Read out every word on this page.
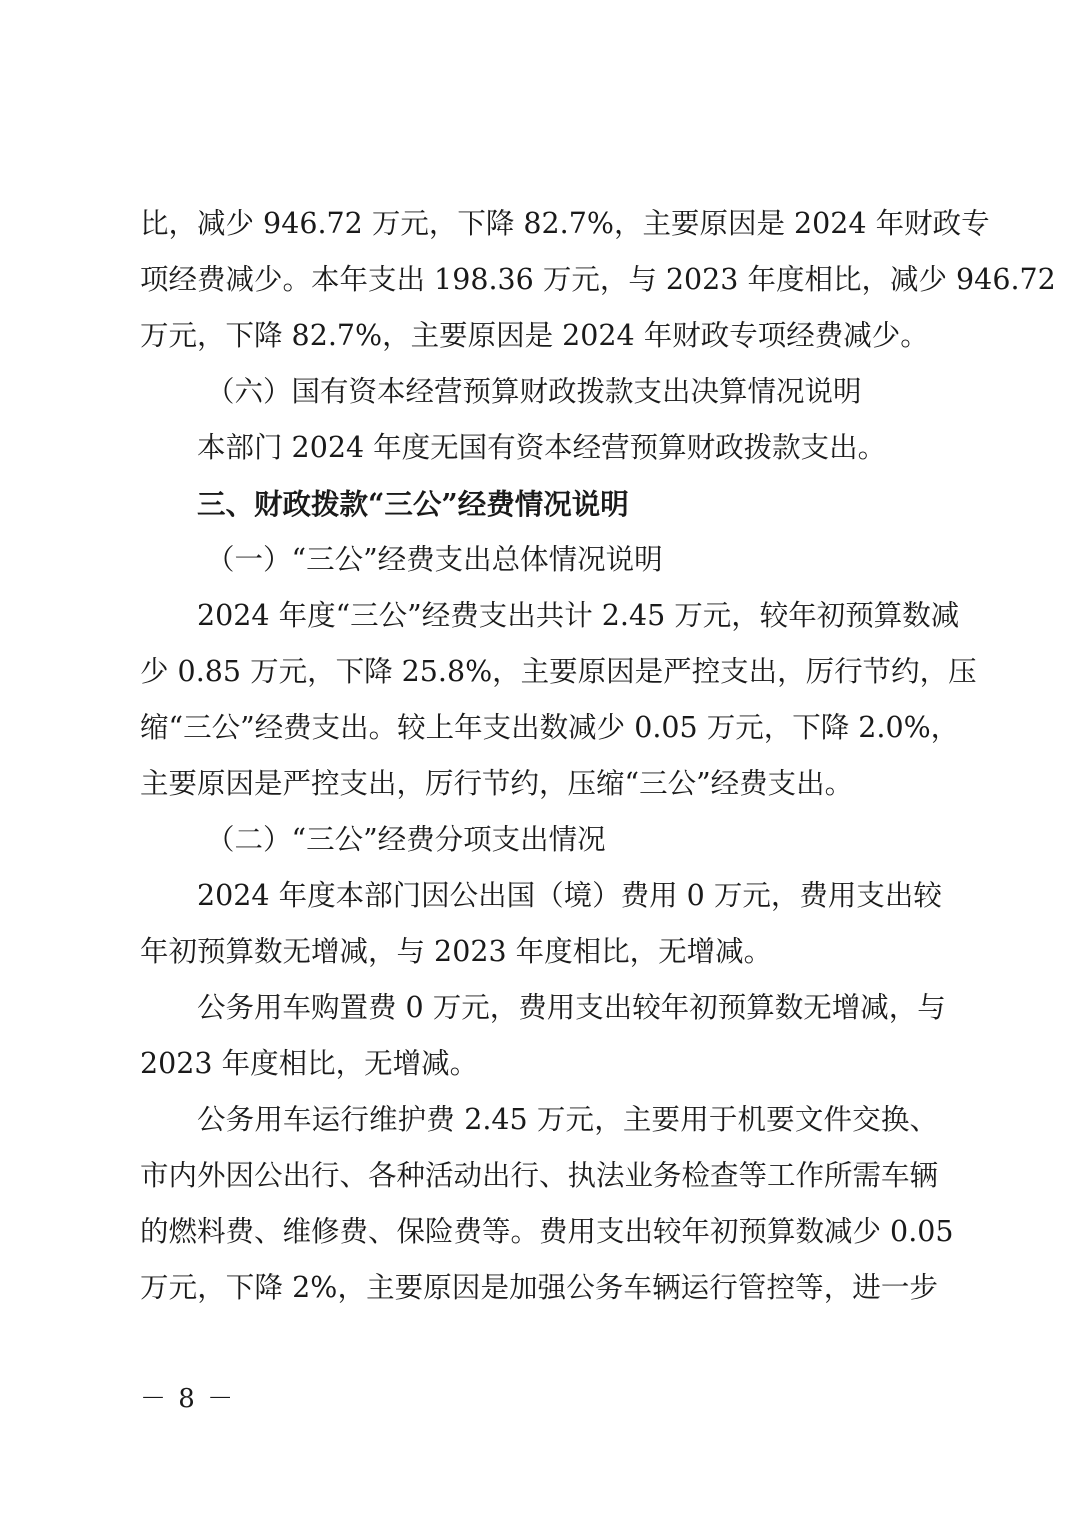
比，减少 946.72 万元，下降 82.7%，主要原因是 2024 年财政专
项经费减少。本年支出 198.36 万元，与 2023 年度相比，减少 946.72
万元，下降 82.7%，主要原因是 2024 年财政专项经费减少。
（六）国有资本经营预算财政拨款支出决算情况说明
本部门 2024 年度无国有资本经营预算财政拨款支出。
三、财政拨款“三公”经费情况说明
（一）“三公”经费支出总体情况说明
2024 年度“三公”经费支出共计 2.45 万元，较年初预算数减
少 0.85 万元，下降 25.8%，主要原因是严控支出，厉行节约，压
缩“三公”经费支出。较上年支出数减少 0.05 万元，下降 2.0%，
主要原因是严控支出，厉行节约，压缩“三公”经费支出。
（二）“三公”经费分项支出情况
2024 年度本部门因公出国（境）费用 0 万元，费用支出较
年初预算数无增减，与 2023 年度相比，无增减。
公务用车购置费 0 万元，费用支出较年初预算数无增减，与
2023 年度相比，无增减。
公务用车运行维护费 2.45 万元，主要用于机要文件交换、
市内外因公出行、各种活动出行、执法业务检查等工作所需车辆
的燃料费、维修费、保险费等。费用支出较年初预算数减少 0.05
万元，下降 2%，主要原因是加强公务车辆运行管控等，进一步
－ 8 －
